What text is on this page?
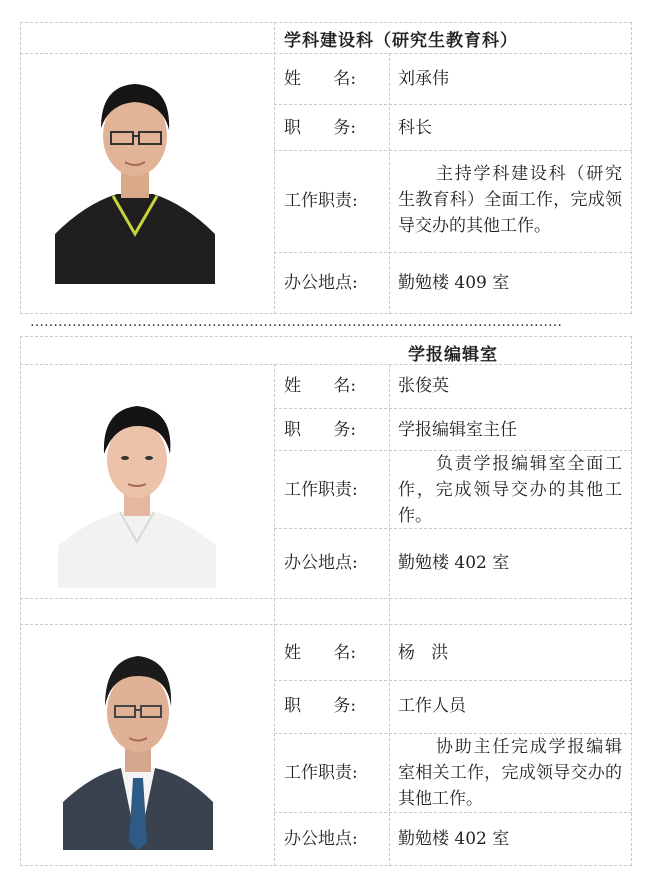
学科建设科（研究生教育科）
姓      名: 刘承伟
职      务: 科长
工作职责:
主持学科建设科（研究生教育科）全面工作，完成领导交办的其他工作。
办公地点: 勤勉楼 409 室
……………………………………………………………………………………………………
学报编辑室
姓      名: 张俊英
职      务: 学报编辑室主任
工作职责:
负责学报编辑室全面工作，完成领导交办的其他工作。
办公地点: 勤勉楼 402 室
姓      名: 杨   洪
职      务: 工作人员
工作职责:
协助主任完成学报编辑室相关工作，完成领导交办的其他工作。
办公地点: 勤勉楼 402 室
